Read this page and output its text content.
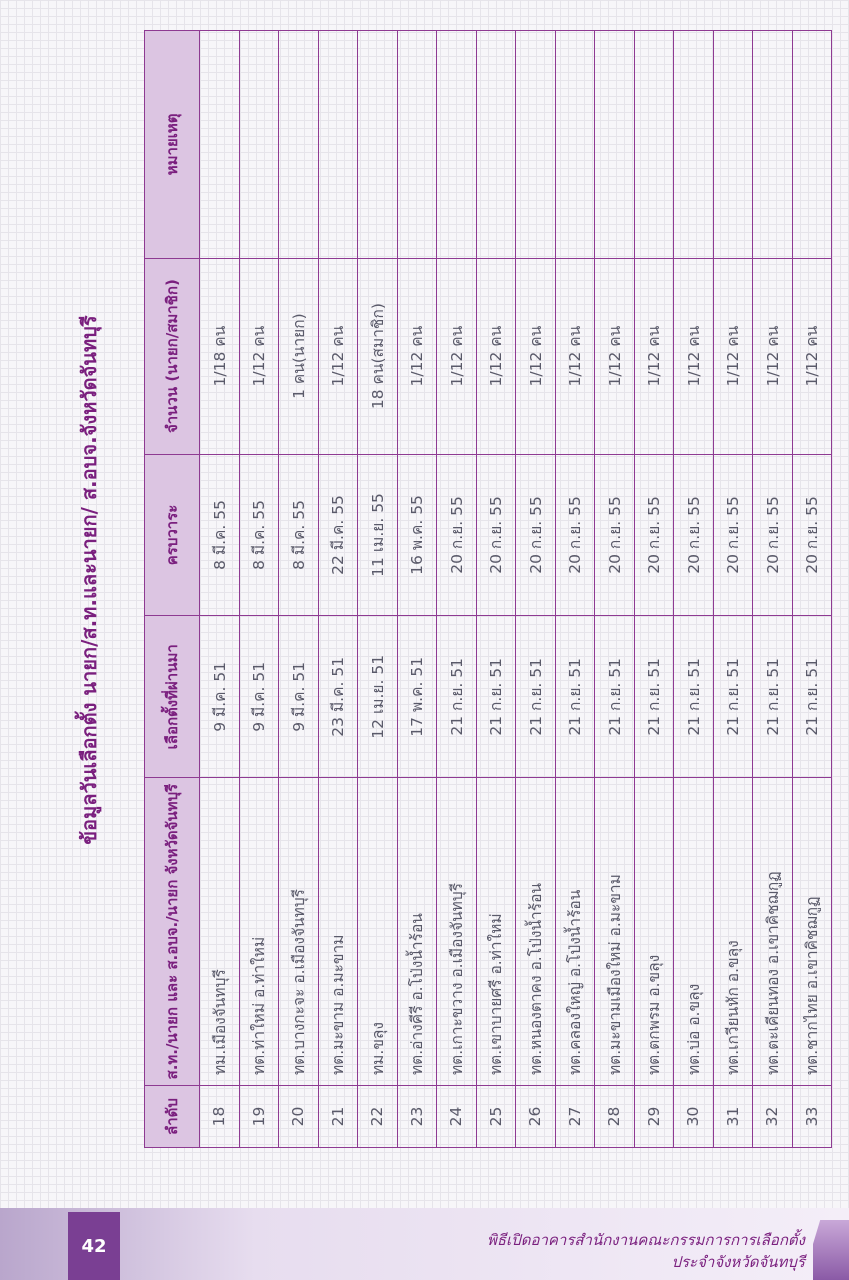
ข้อมูลวันเลือกตั้ง นายก/ส.ท.และนายก/ ส.อบจ.จังหวัดจันทบุรี
ลำดับ	ส.ท./นายก และ ส.อบจ./นายก จังหวัดจันทบุรี	เลือกตั้งที่ผ่านมา	ครบวาระ	จำนวน (นายก/สมาชิก)	หมายเหตุ
18	ทม.เมืองจันทบุรี	9 มี.ค. 51	8 มี.ค. 55	1/18 คน	
19	ทต.ท่าใหม่ อ.ท่าใหม่	9 มี.ค. 51	8 มี.ค. 55	1/12 คน	
20	ทต.บางกะจะ อ.เมืองจันทบุรี	9 มี.ค. 51	8 มี.ค. 55	1 คน(นายก)	
21	ทต.มะขาม อ.มะขาม	23 มี.ค. 51	22 มี.ค. 55	1/12 คน	
22	ทม.ขลุง	12 เม.ย. 51	11 เม.ย. 55	18 คน(สมาชิก)	
23	ทต.อ่างคีรี อ.โป่งน้ำร้อน	17 พ.ค. 51	16 พ.ค. 55	1/12 คน	
24	ทต.เกาะขวาง อ.เมืองจันทบุรี	21 ก.ย. 51	20 ก.ย. 55	1/12 คน	
25	ทต.เขาบายศรี อ.ท่าใหม่	21 ก.ย. 51	20 ก.ย. 55	1/12 คน	
26	ทต.หนองตาคง อ.โป่งน้ำร้อน	21 ก.ย. 51	20 ก.ย. 55	1/12 คน	
27	ทต.คลองใหญ่ อ.โป่งน้ำร้อน	21 ก.ย. 51	20 ก.ย. 55	1/12 คน	
28	ทต.มะขามเมืองใหม่ อ.มะขาม	21 ก.ย. 51	20 ก.ย. 55	1/12 คน	
29	ทต.ตกพรม อ.ขลุง	21 ก.ย. 51	20 ก.ย. 55	1/12 คน	
30	ทต.บ่อ อ.ขลุง	21 ก.ย. 51	20 ก.ย. 55	1/12 คน	
31	ทต.เกวียนหัก อ.ขลุง	21 ก.ย. 51	20 ก.ย. 55	1/12 คน	
32	ทต.ตะเคียนทอง อ.เขาคิชฌกูฏ	21 ก.ย. 51	20 ก.ย. 55	1/12 คน	
33	ทต.ชากไทย อ.เขาคิชฌกูฏ	21 ก.ย. 51	20 ก.ย. 55	1/12 คน	
42	พิธีเปิดอาคารสำนักงานคณะกรรมการการเลือกตั้ง
ประจำจังหวัดจันทบุรี
